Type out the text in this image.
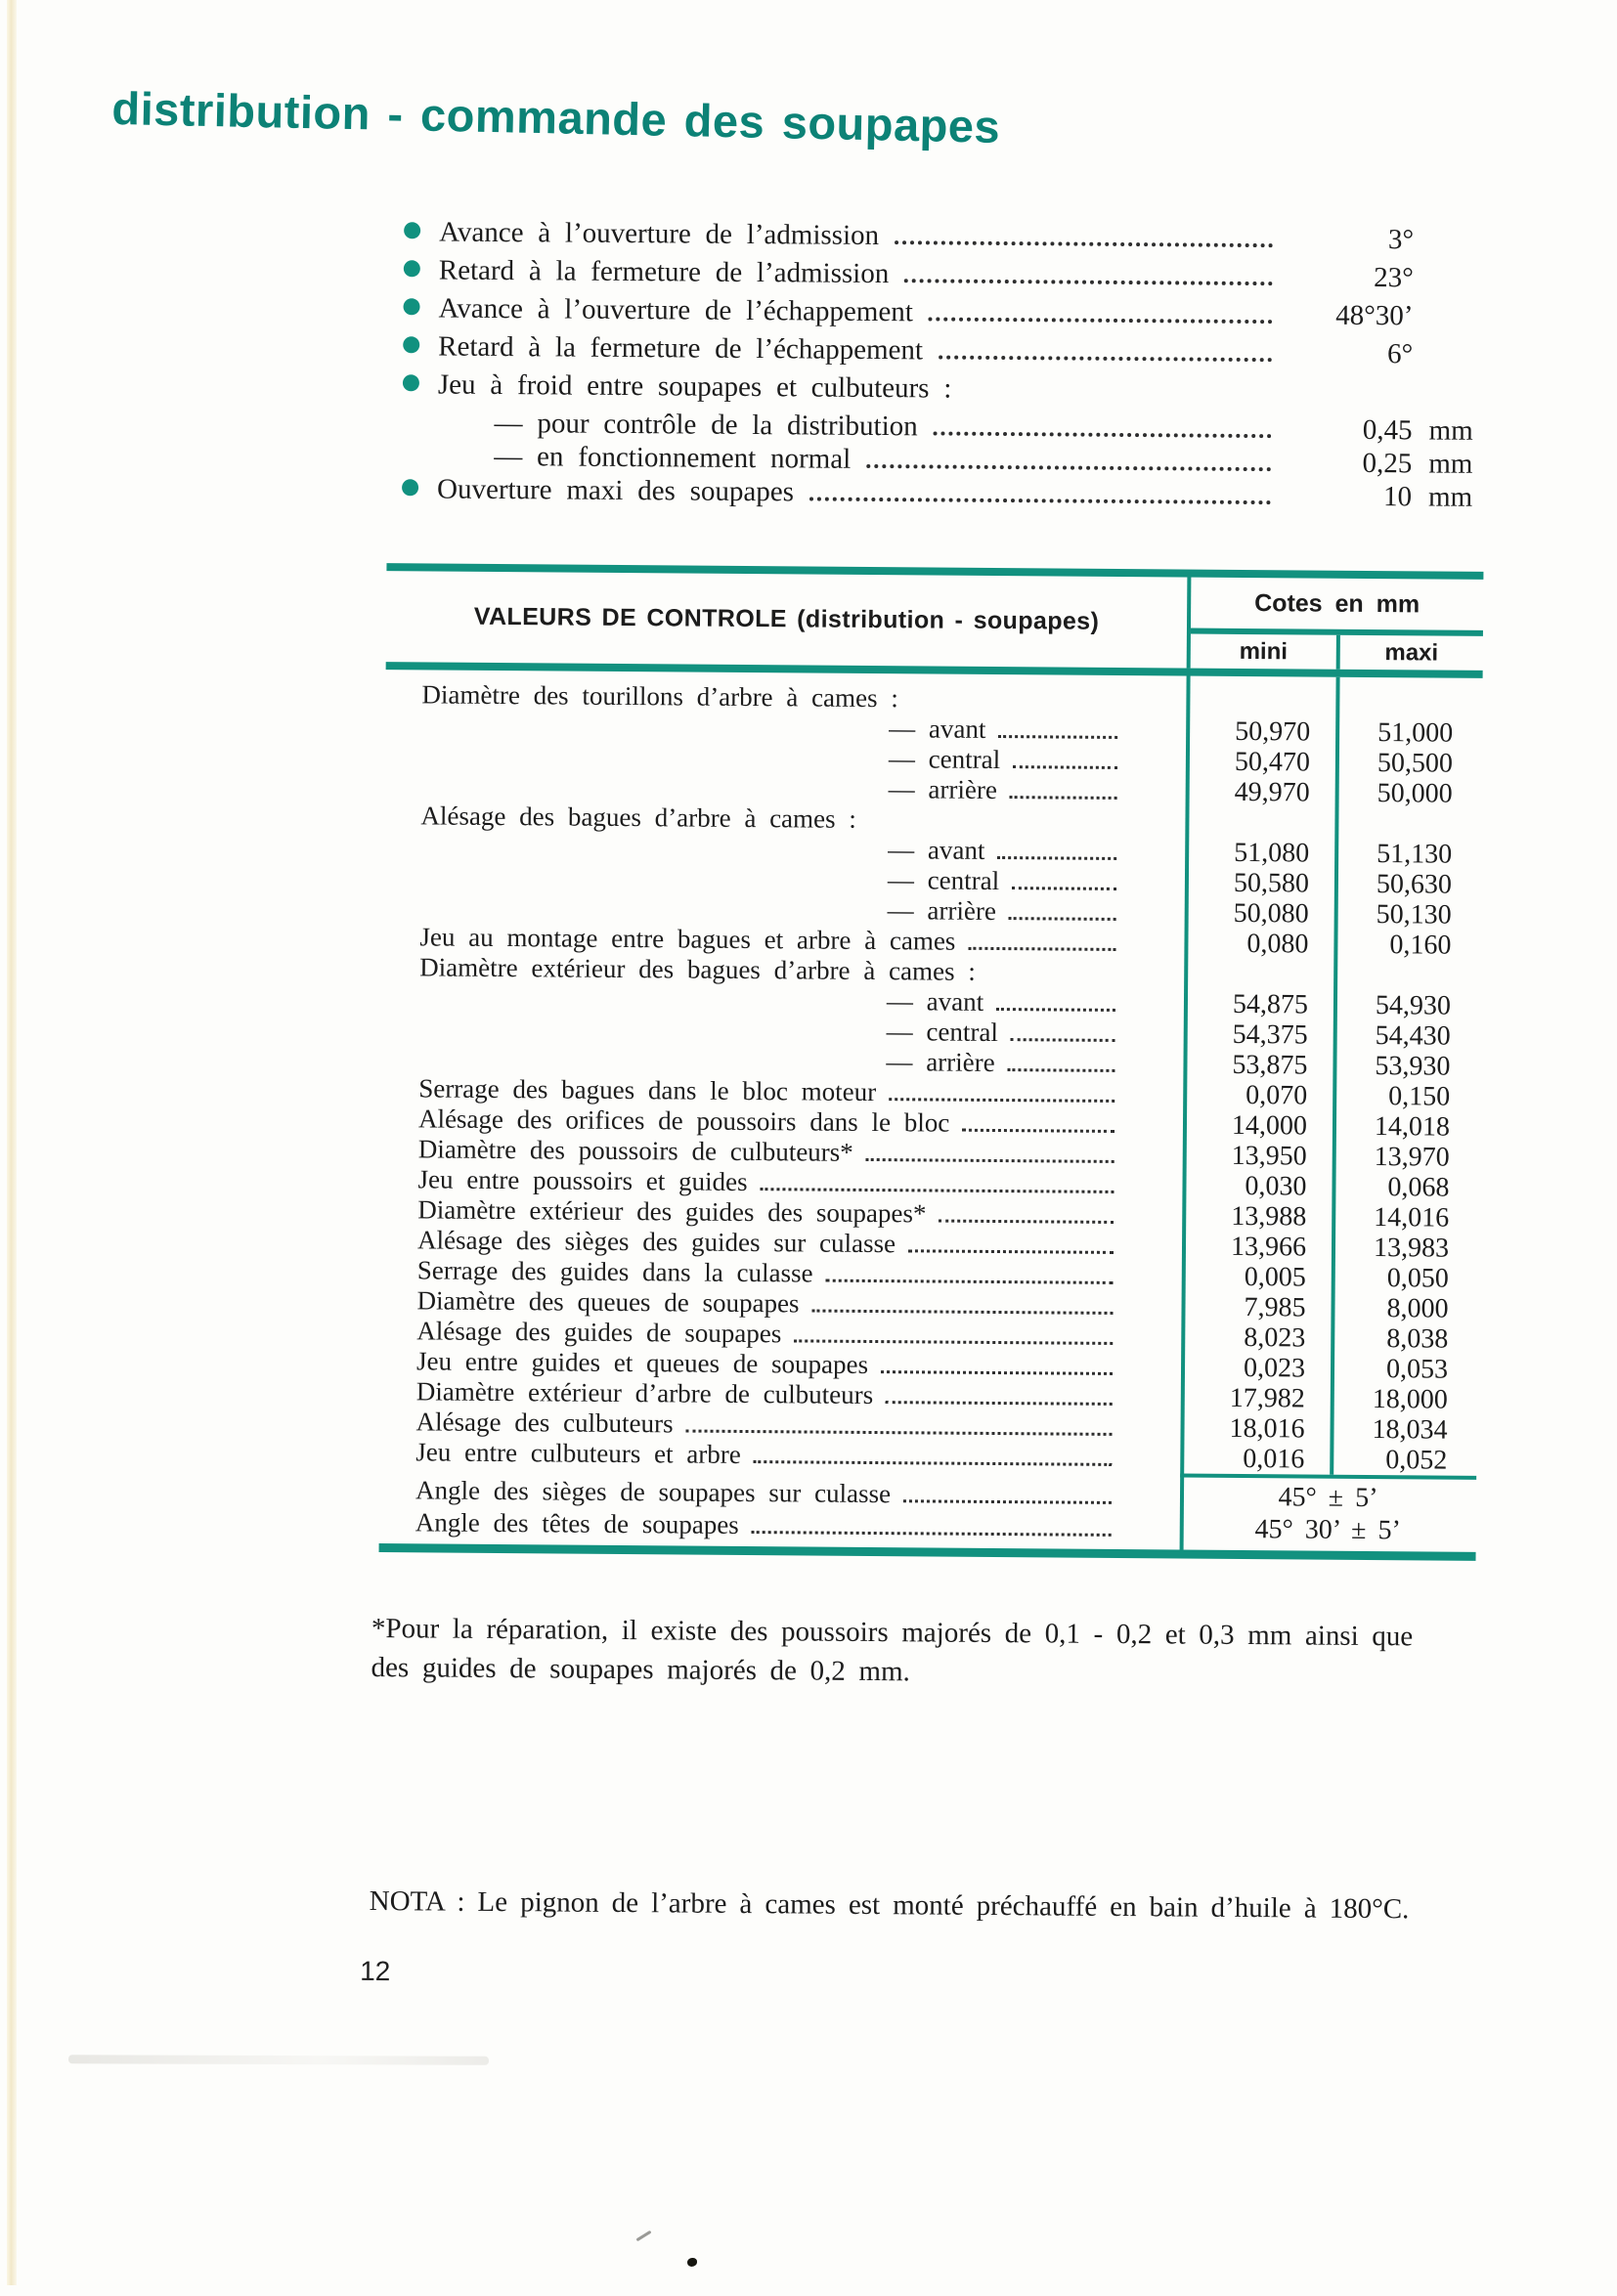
distribution - commande des soupapes
Avance à l’ouverture de l’admission	3°
Retard à la fermeture de l’admission	23°
Avance à l’ouverture de l’échappement	48°30’
Retard à la fermeture de l’échappement	6°
Jeu à froid entre soupapes et culbuteurs :
— pour contrôle de la distribution	0,45 mm
— en fonctionnement normal	0,25 mm
Ouverture maxi des soupapes	10 mm
VALEURS DE CONTROLE (distribution - soupapes)	Cotes en mm
mini	maxi
Diamètre des tourillons d’arbre à cames :
— avant	50,970	51,000
— central	50,470	50,500
— arrière	49,970	50,000
Alésage des bagues d’arbre à cames :
— avant	51,080	51,130
— central	50,580	50,630
— arrière	50,080	50,130
Jeu au montage entre bagues et arbre à cames	0,080	0,160
Diamètre extérieur des bagues d’arbre à cames :
— avant	54,875	54,930
— central	54,375	54,430
— arrière	53,875	53,930
Serrage des bagues dans le bloc moteur	0,070	0,150
Alésage des orifices de poussoirs dans le bloc	14,000	14,018
Diamètre des poussoirs de culbuteurs*	13,950	13,970
Jeu entre poussoirs et guides	0,030	0,068
Diamètre extérieur des guides des soupapes*	13,988	14,016
Alésage des sièges des guides sur culasse	13,966	13,983
Serrage des guides dans la culasse	0,005	0,050
Diamètre des queues de soupapes	7,985	8,000
Alésage des guides de soupapes	8,023	8,038
Jeu entre guides et queues de soupapes	0,023	0,053
Diamètre extérieur d’arbre de culbuteurs	17,982	18,000
Alésage des culbuteurs	18,016	18,034
Jeu entre culbuteurs et arbre	0,016	0,052
Angle des sièges de soupapes sur culasse	45° ± 5’
Angle des têtes de soupapes	45° 30’ ± 5’
*Pour la réparation, il existe des poussoirs majorés de 0,1 - 0,2 et 0,3 mm ainsi que
des guides de soupapes majorés de 0,2 mm.
NOTA : Le pignon de l’arbre à cames est monté préchauffé en bain d’huile à 180°C.
12
